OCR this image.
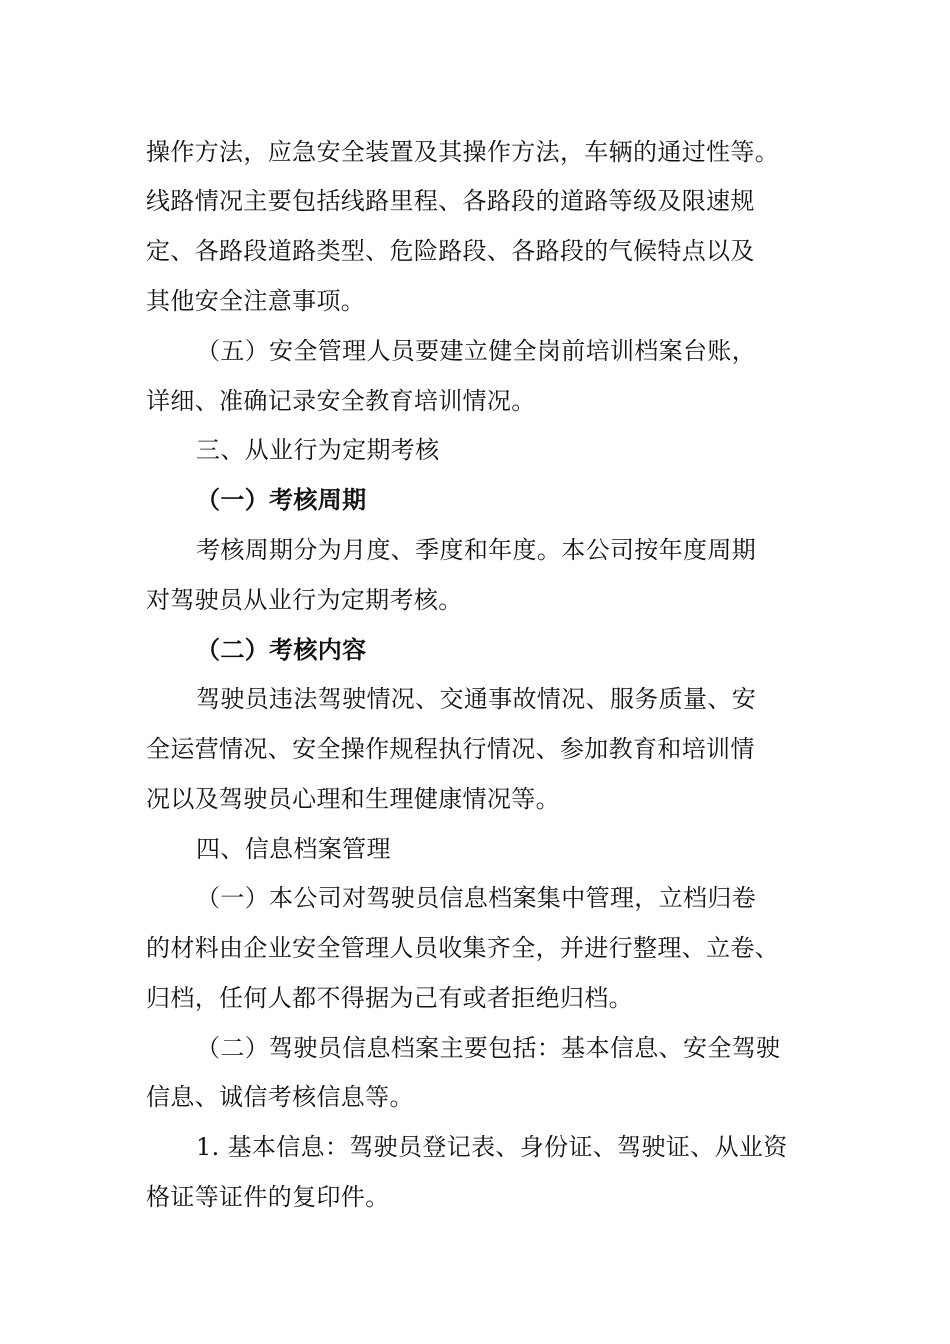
操作方法，应急安全装置及其操作方法，车辆的通过性等。
线路情况主要包括线路里程、各路段的道路等级及限速规
定、各路段道路类型、危险路段、各路段的气候特点以及
其他安全注意事项。
（五）安全管理人员要建立健全岗前培训档案台账，
详细、准确记录安全教育培训情况。
三、从业行为定期考核
（一）考核周期
考核周期分为月度、季度和年度。本公司按年度周期
对驾驶员从业行为定期考核。
（二）考核内容
驾驶员违法驾驶情况、交通事故情况、服务质量、安
全运营情况、安全操作规程执行情况、参加教育和培训情
况以及驾驶员心理和生理健康情况等。
四、信息档案管理
（一）本公司对驾驶员信息档案集中管理，立档归卷
的材料由企业安全管理人员收集齐全，并进行整理、立卷、
归档，任何人都不得据为己有或者拒绝归档。
（二）驾驶员信息档案主要包括：基本信息、安全驾驶
信息、诚信考核信息等。
1. 基本信息：驾驶员登记表、身份证、驾驶证、从业资
格证等证件的复印件。
